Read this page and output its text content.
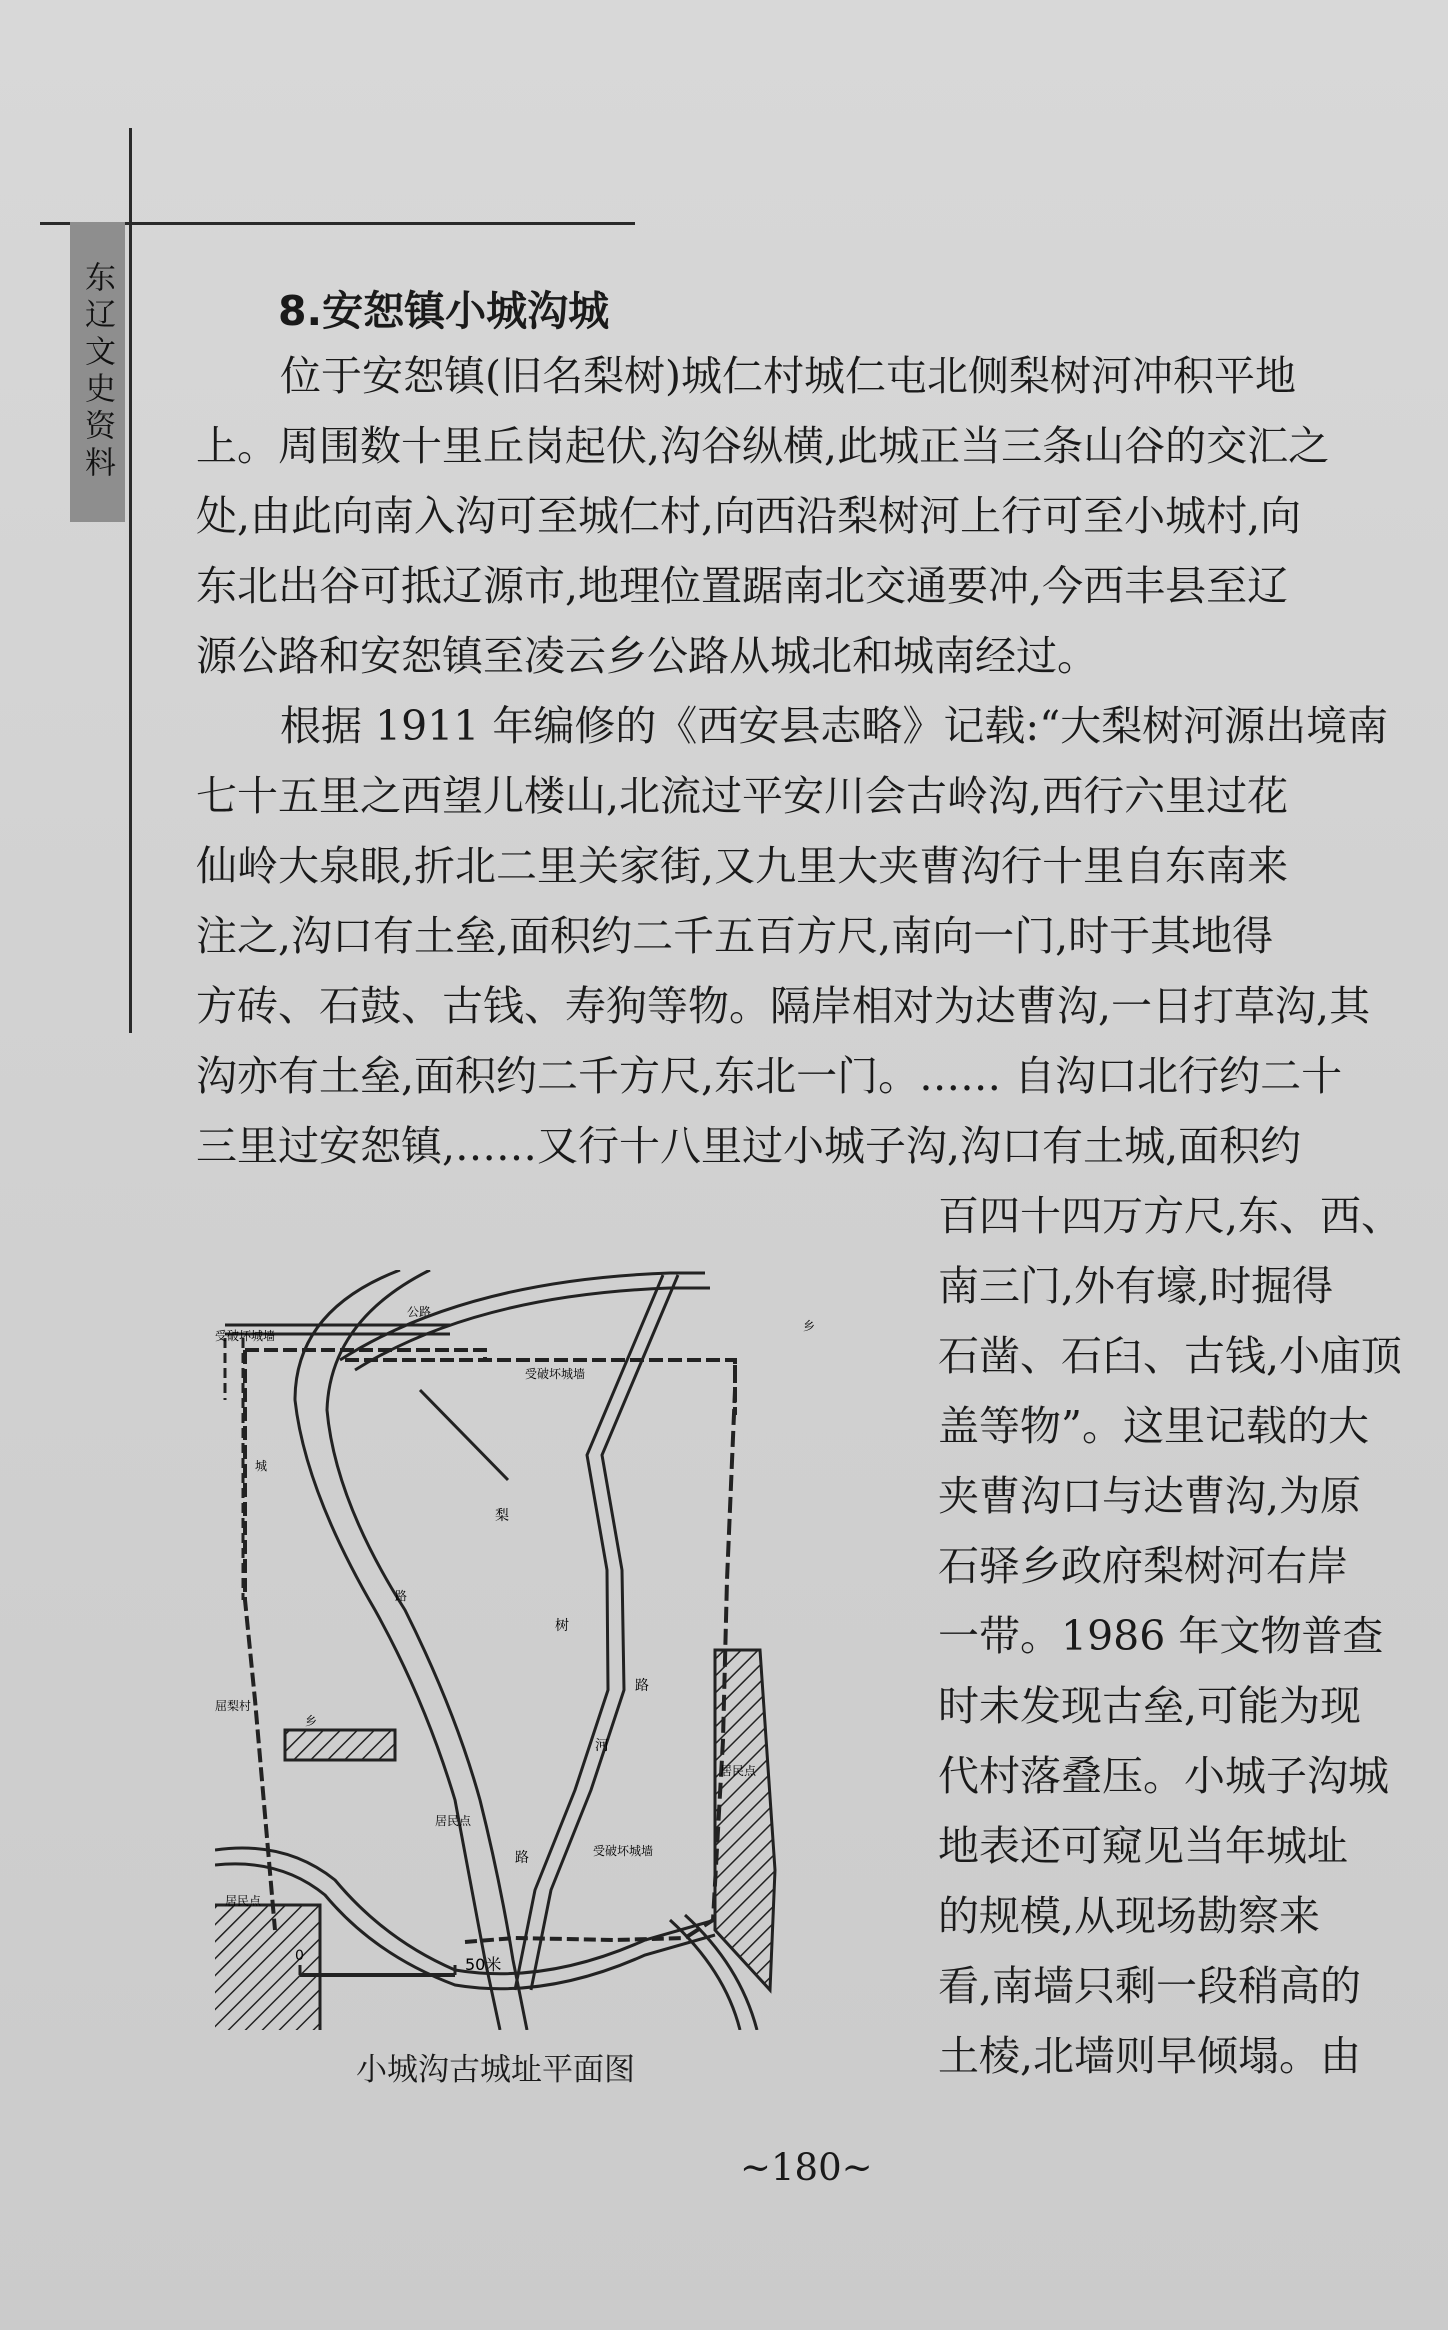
东辽文史资料	8.安恕镇小城沟城
位于安恕镇(旧名梨树)城仁村城仁屯北侧梨树河冲积平地
上。周围数十里丘岗起伏,沟谷纵横,此城正当三条山谷的交汇之
处,由此向南入沟可至城仁村,向西沿梨树河上行可至小城村,向
东北出谷可抵辽源市,地理位置踞南北交通要冲,今西丰县至辽
源公路和安恕镇至凌云乡公路从城北和城南经过。
根据 1911 年编修的《西安县志略》记载:“大梨树河源出境南
七十五里之西望儿楼山,北流过平安川会古岭沟,西行六里过花
仙岭大泉眼,折北二里关家街,又九里大夹曹沟行十里自东南来
注之,沟口有土垒,面积约二千五百方尺,南向一门,时于其地得
方砖、石鼓、古钱、寿狗等物。隔岸相对为达曹沟,一日打草沟,其
沟亦有土垒,面积约二千方尺,东北一门。…… 自沟口北行约二十
三里过安恕镇,……又行十八里过小城子沟,沟口有土城,面积约
百四十四万方尺,东、西、
南三门,外有壕,时掘得
石凿、石臼、古钱,小庙顶
盖等物”。这里记载的大
夹曹沟口与达曹沟,为原
石驿乡政府梨树河右岸
一带。1986 年文物普查
时未发现古垒,可能为现
代村落叠压。小城子沟城
地表还可窥见当年城址
的规模,从现场勘察来
看,南墙只剩一段稍高的
土棱,北墙则早倾塌。由
公路
受破坏城墙
受破坏城墙
城
梨
树
河
路
屈梨村
乡
居民点
居民点
居民点
路	受破坏城墙
乡
路
0	50米
小城沟古城址平面图
~180~
